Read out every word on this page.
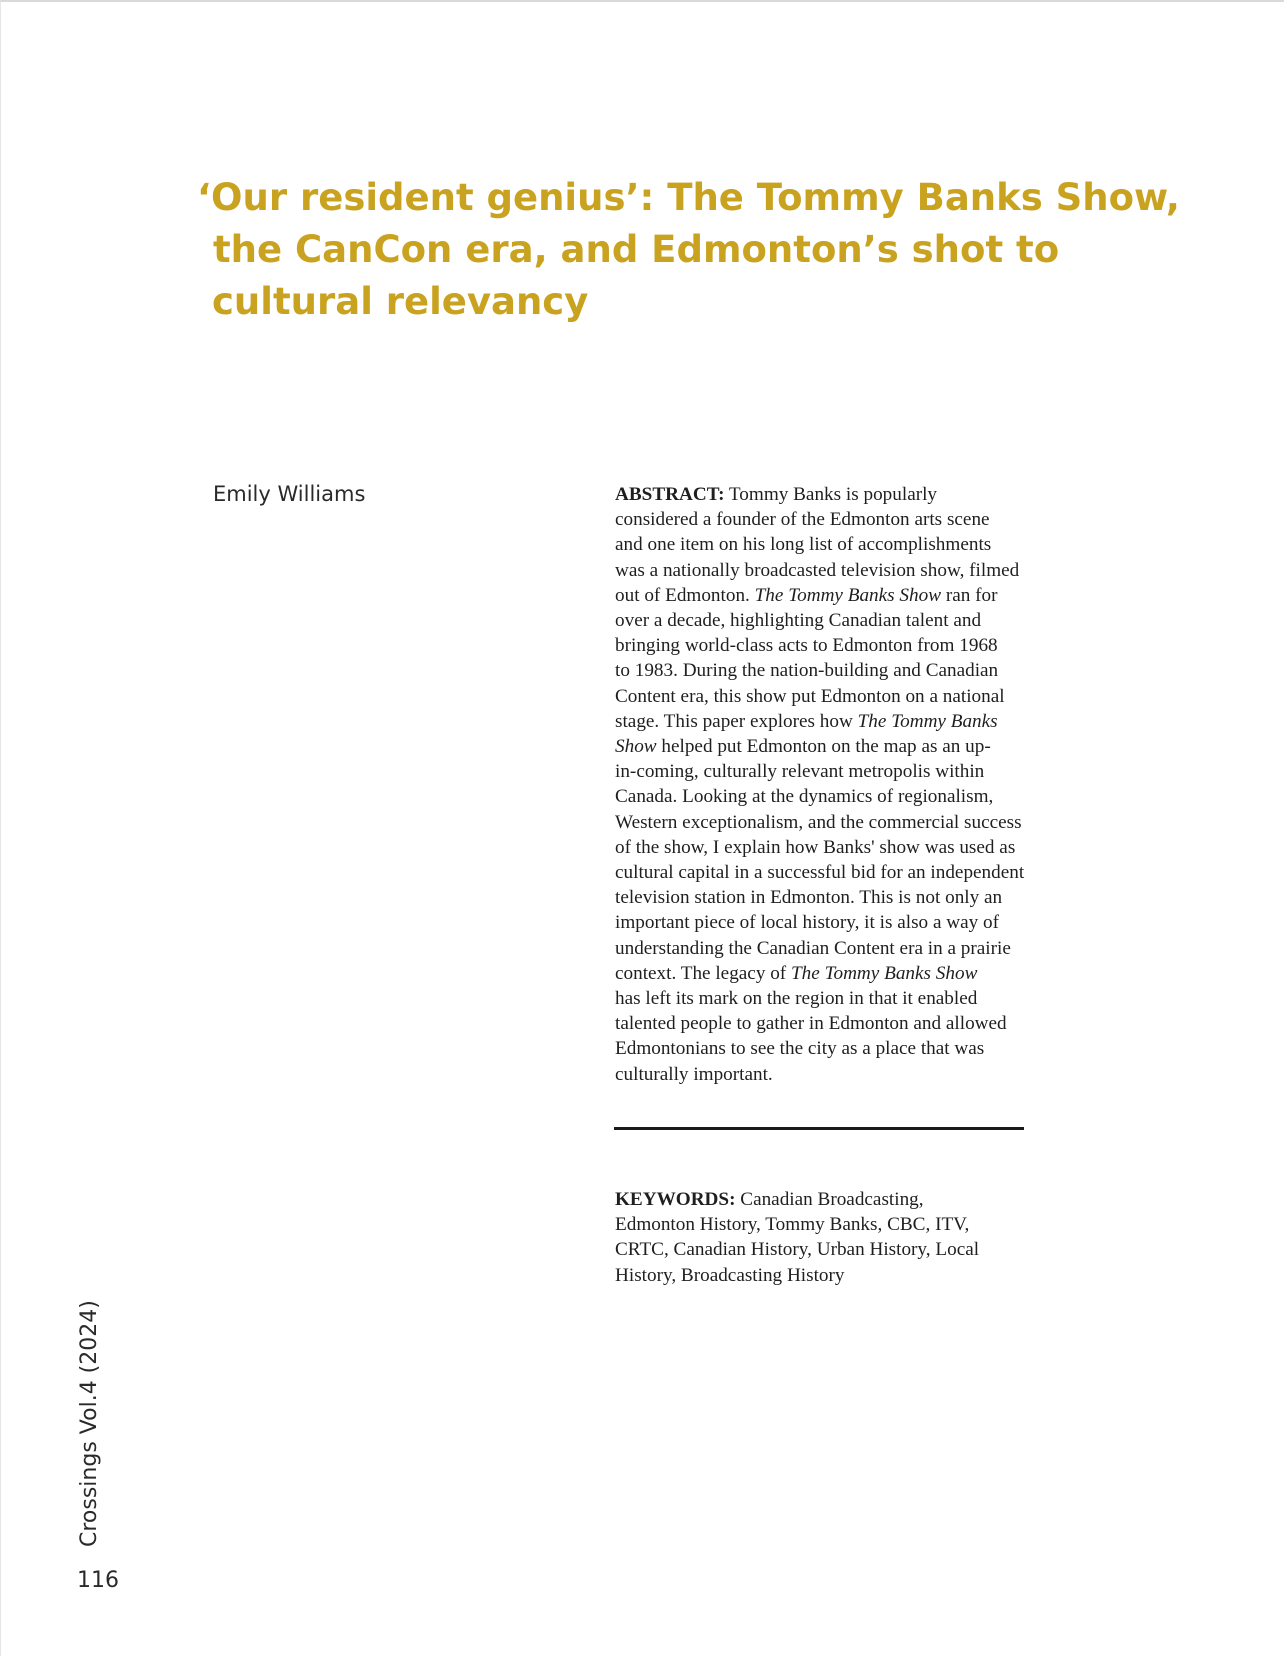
‘Our resident genius’: The Tommy Banks Show,
the CanCon era, and Edmonton’s shot to
cultural relevancy
Emily Williams	ABSTRACT: Tommy Banks is popularly
considered a founder of the Edmonton arts scene
and one item on his long list of accomplishments
was a nationally broadcasted television show, filmed
out of Edmonton. The Tommy Banks Show ran for
over a decade, highlighting Canadian talent and
bringing world-class acts to Edmonton from 1968
to 1983. During the nation-building and Canadian
Content era, this show put Edmonton on a national
stage. This paper explores how The Tommy Banks
Show helped put Edmonton on the map as an up-
in-coming, culturally relevant metropolis within
Canada. Looking at the dynamics of regionalism,
Western exceptionalism, and the commercial success
of the show, I explain how Banks' show was used as
cultural capital in a successful bid for an independent
television station in Edmonton. This is not only an
important piece of local history, it is also a way of
understanding the Canadian Content era in a prairie
context. The legacy of The Tommy Banks Show
has left its mark on the region in that it enabled
talented people to gather in Edmonton and allowed
Edmontonians to see the city as a place that was
culturally important.
KEYWORDS: Canadian Broadcasting,
Edmonton History, Tommy Banks, CBC, ITV,
CRTC, Canadian History, Urban History, Local
History, Broadcasting History
Crossings Vol.4 (2024)
116
